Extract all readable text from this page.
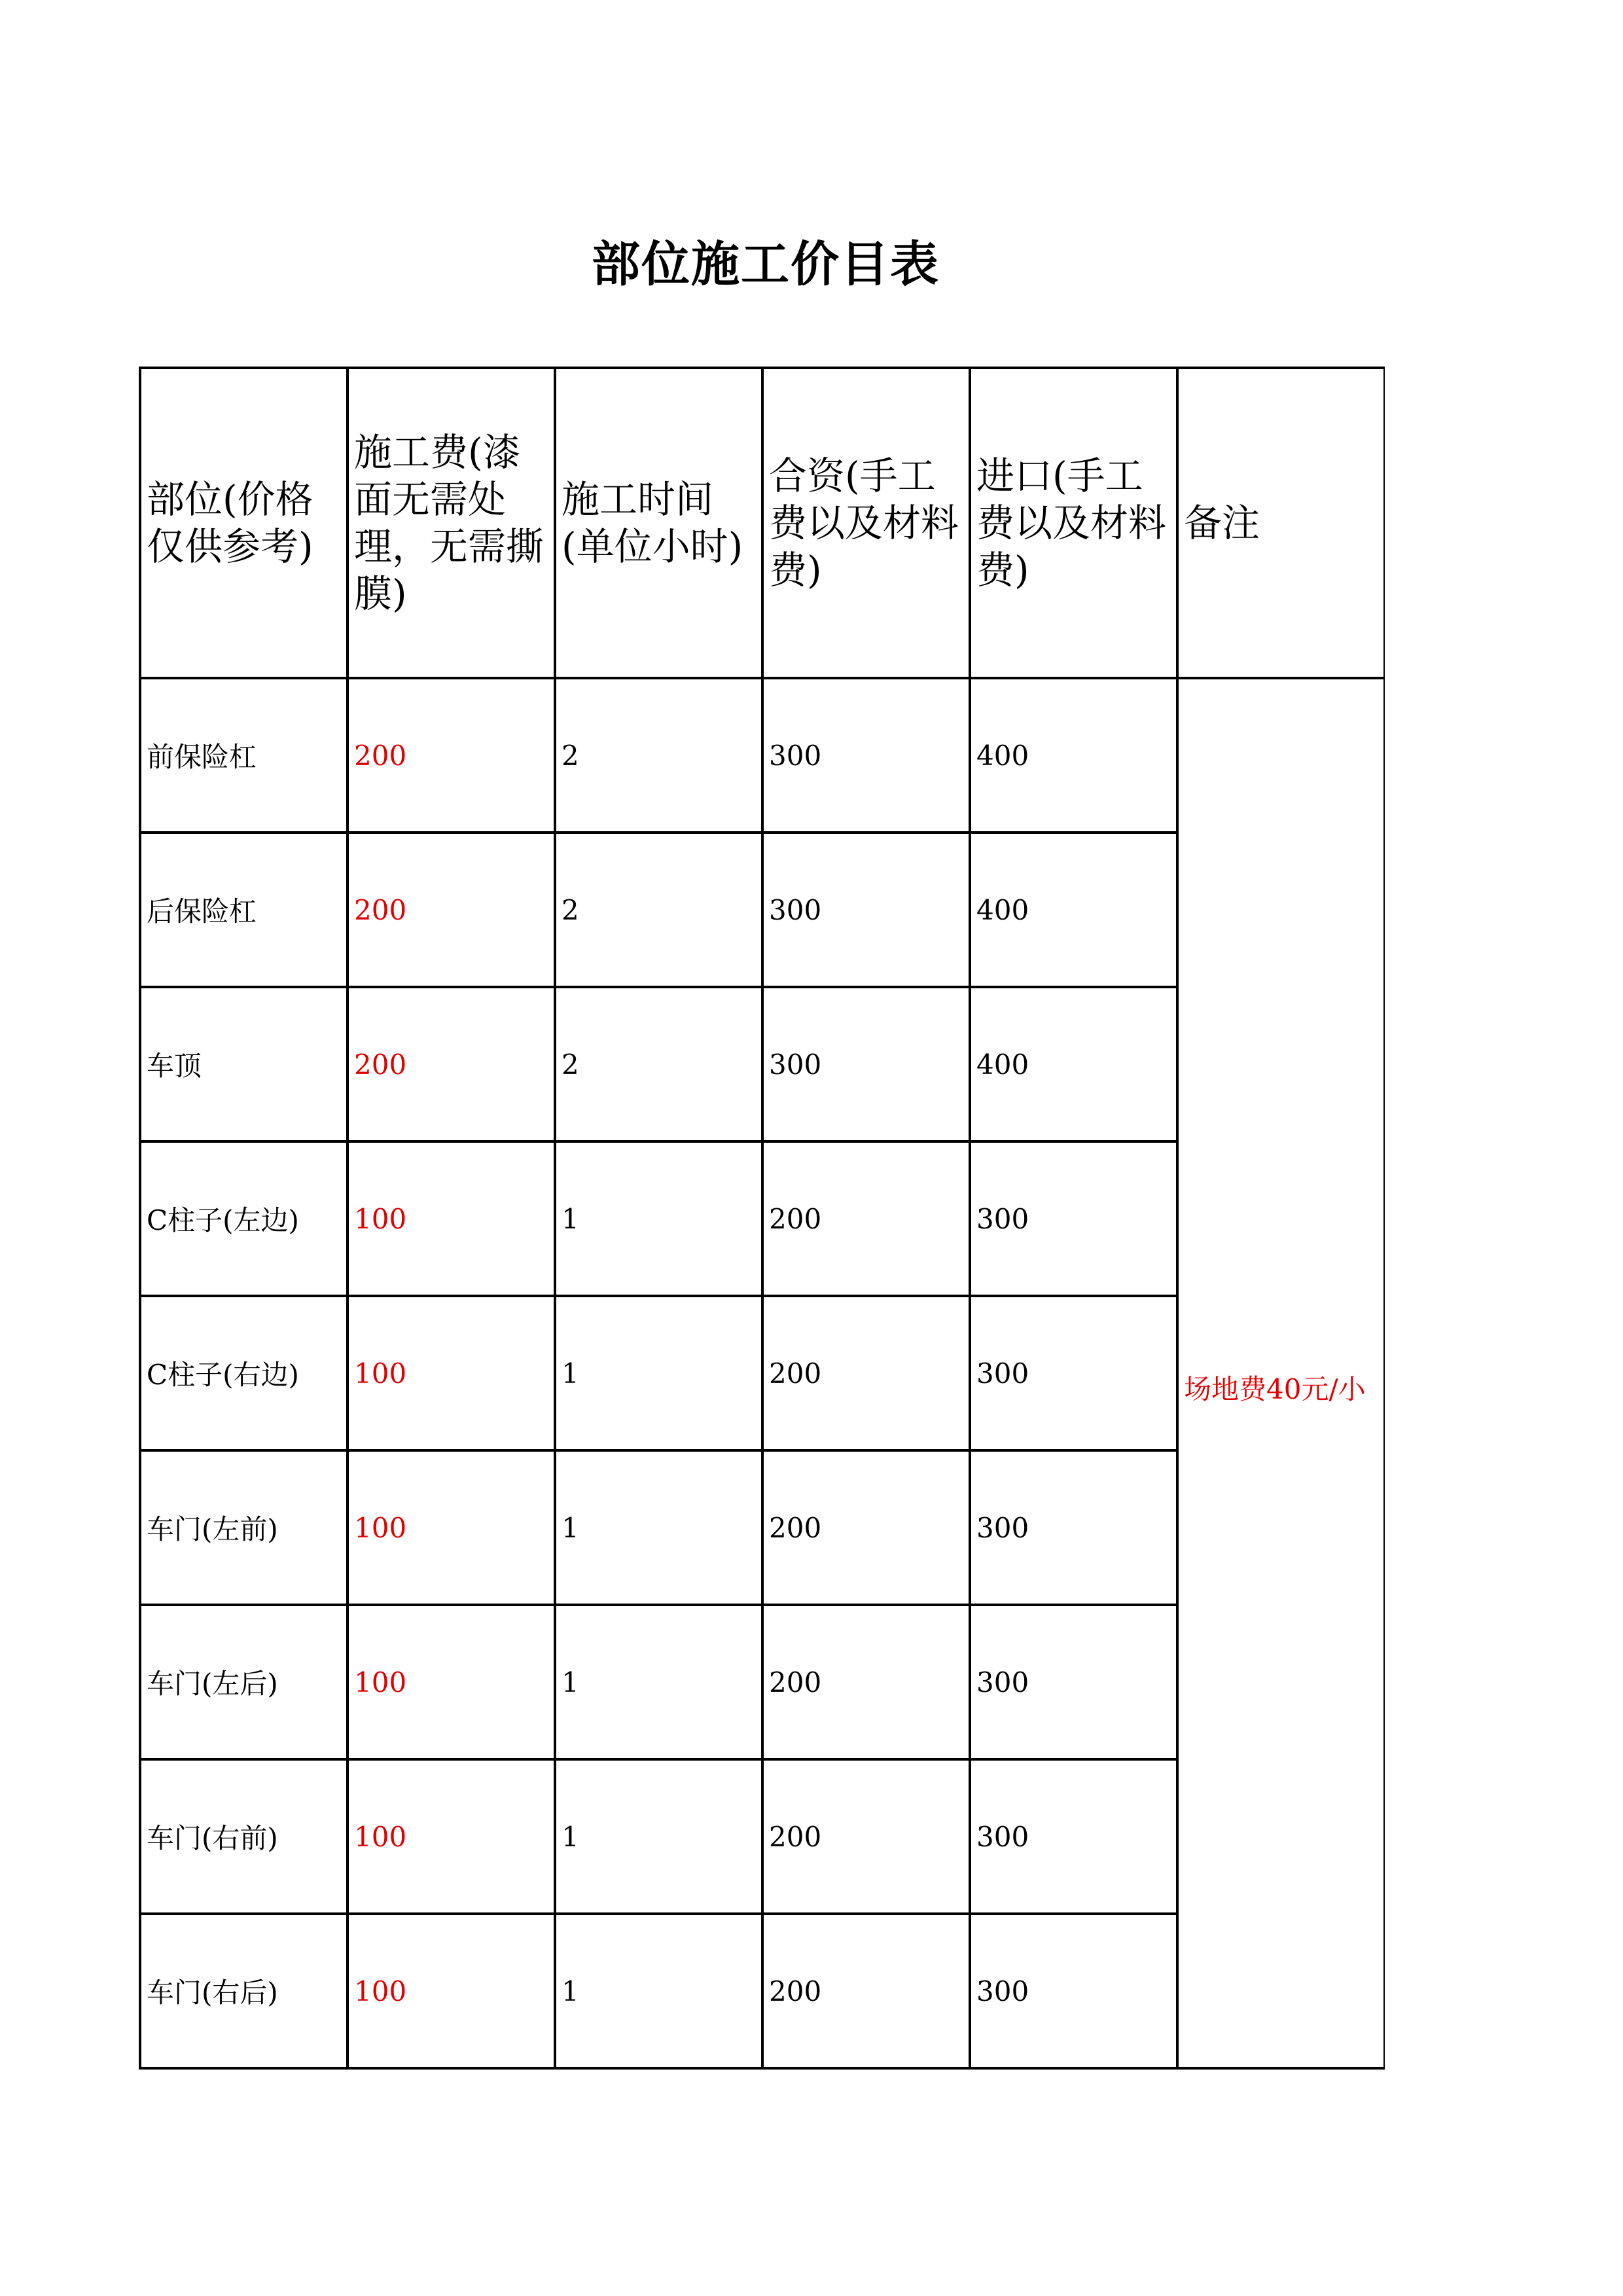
部位施工价目表
部位(价格仅供参考)	施工费(漆面无需处理，无需撕膜)	施工时间(单位小时)	合资(手工费以及材料费)	进口(手工费以及材料费)	备注
前保险杠	200	2	300	400	场地费40元/小

后保险杠	200	2	300	400	
车顶	200	2	300	400	
C柱子(左边)	100	1	200	300	
C柱子(右边)	100	1	200	300	
车门(左前)	100	1	200	300	
车门(左后)	100	1	200	300	
车门(右前)	100	1	200	300	
车门(右后)	100	1	200	300	
